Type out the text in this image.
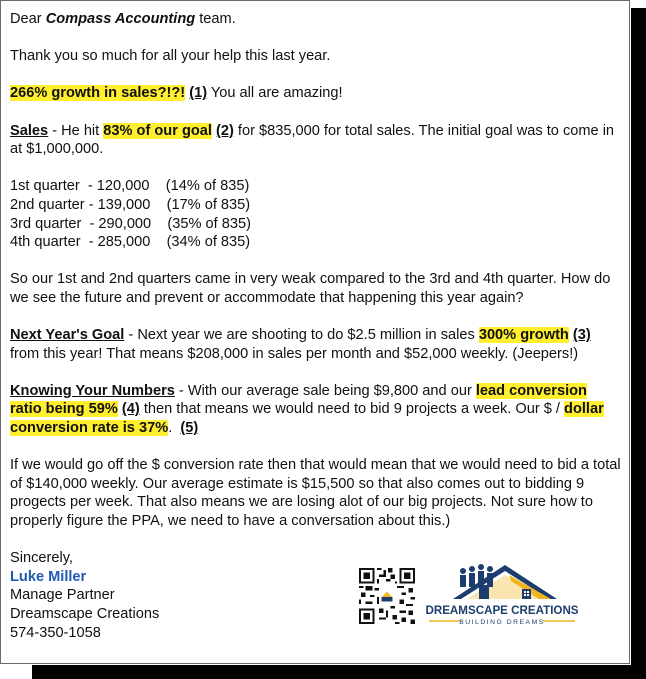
Dear Compass Accounting team.

Thank you so much for all your help this last year.

266% growth in sales?!?! (1) You all are amazing!

Sales - He hit 83% of our goal (2) for $835,000 for total sales. The initial goal was to come in at $1,000,000.

1st quarter  - 120,000    (14% of 835)

2nd quarter - 139,000    (17% of 835)

3rd quarter  - 290,000    (35% of 835)

4th quarter  - 285,000    (34% of 835)

So our 1st and 2nd quarters came in very weak compared to the 3rd and 4th quarter. How do we see the future and prevent or accommodate that happening this year again?

Next Year's Goal - Next year we are shooting to do $2.5 million in sales 300% growth (3) from this year! That means $208,000 in sales per month and $52,000 weekly. (Jeepers!)

Knowing Your Numbers - With our average sale being $9,800 and our lead conversion ratio being 59% (4) then that means we would need to bid 9 projects a week. Our $ / dollar conversion rate is 37%.  (5)

If we would go off the $ conversion rate then that would mean that we would need to bid a total of $140,000 weekly. Our average estimate is $15,500 so that also comes out to bidding 9 progects per week. That also means we are losing alot of our big projects. Not sure how to properly figure the PPA, we need to have a conversation about this.)

Sincerely,

Luke Miller

Manage Partner

Dreamscape Creations

574-350-1058

DREAMSCAPE CREATIONS
BUILDING DREAMS
